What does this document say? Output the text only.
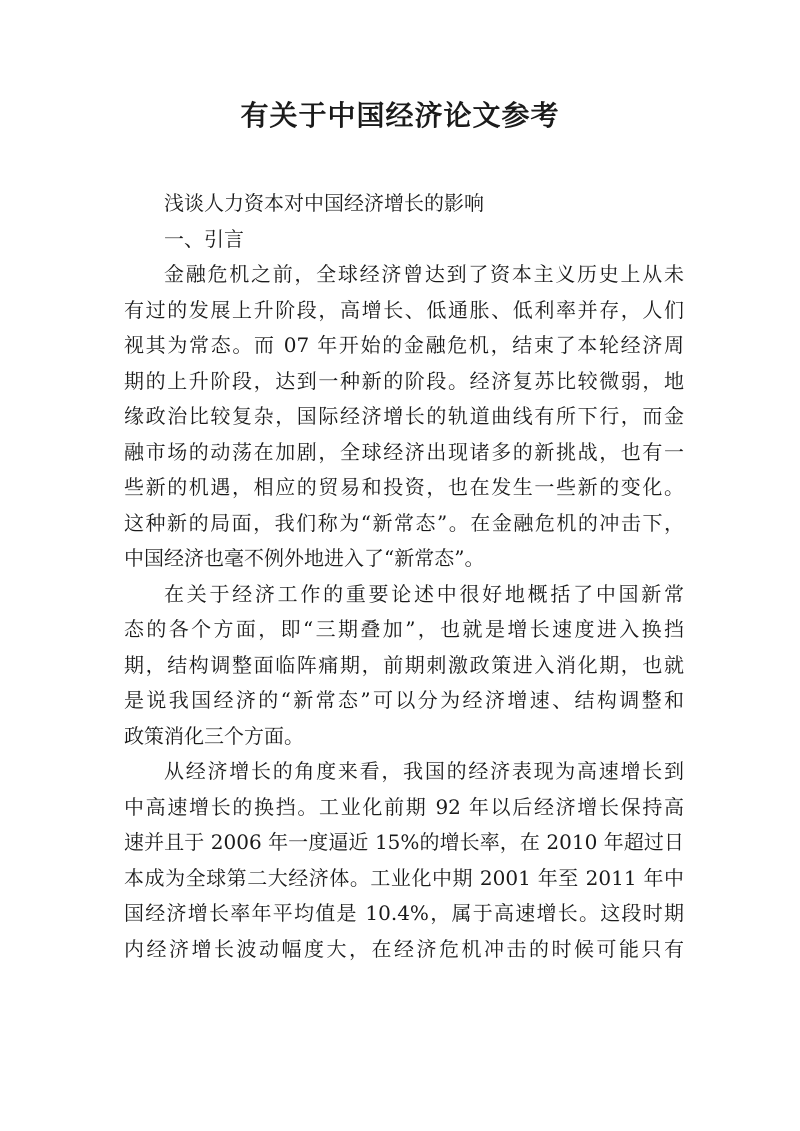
有关于中国经济论文参考
浅谈人力资本对中国经济增长的影响
一、引言
金融危机之前，全球经济曾达到了资本主义历史上从未
有过的发展上升阶段，高增长、低通胀、低利率并存，人们
视其为常态。而 07 年开始的金融危机，结束了本轮经济周
期的上升阶段，达到一种新的阶段。经济复苏比较微弱，地
缘政治比较复杂，国际经济增长的轨道曲线有所下行，而金
融市场的动荡在加剧，全球经济出现诸多的新挑战，也有一
些新的机遇，相应的贸易和投资，也在发生一些新的变化。
这种新的局面，我们称为“新常态”。在金融危机的冲击下，
中国经济也毫不例外地进入了“新常态”。
在关于经济工作的重要论述中很好地概括了中国新常
态的各个方面，即“三期叠加”，也就是增长速度进入换挡
期，结构调整面临阵痛期，前期刺激政策进入消化期，也就
是说我国经济的“新常态”可以分为经济增速、结构调整和
政策消化三个方面。
从经济增长的角度来看，我国的经济表现为高速增长到
中高速增长的换挡。工业化前期 92 年以后经济增长保持高
速并且于 2006 年一度逼近 15%的增长率，在 2010 年超过日
本成为全球第二大经济体。工业化中期 2001 年至 2011 年中
国经济增长率年平均值是 10.4%，属于高速增长。这段时期
内经济增长波动幅度大，在经济危机冲击的时候可能只有
